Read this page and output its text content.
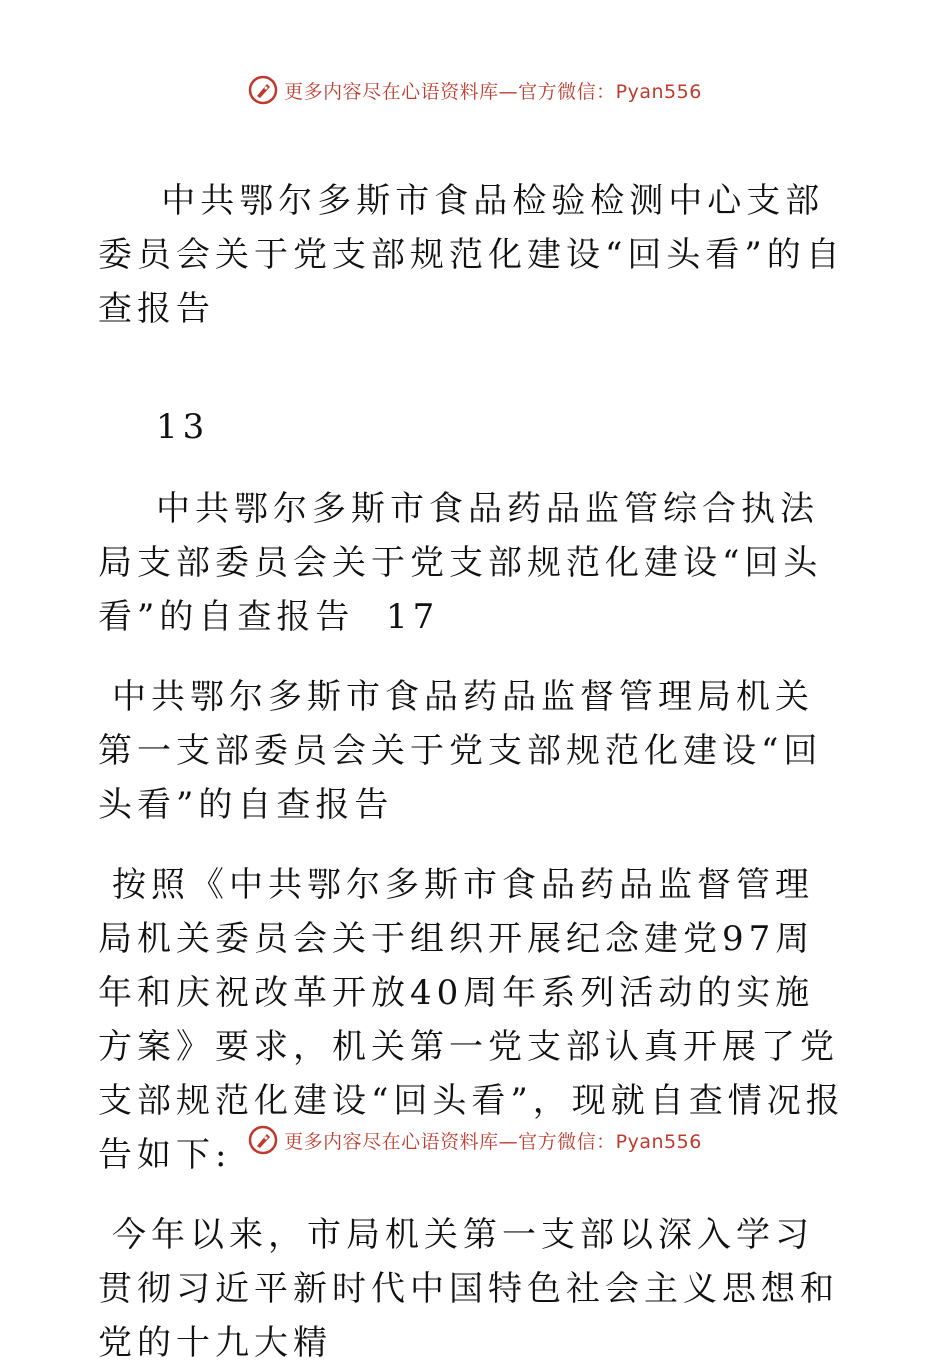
更多内容尽在心语资料库—官方微信：Pyan556

中共鄂尔多斯市食品检验检测中心支部委员会关于党支部规范化建设“回头看”的自查报告

13

中共鄂尔多斯市食品药品监管综合执法局支部委员会关于党支部规范化建设“回头看”的自查报告 17

中共鄂尔多斯市食品药品监督管理局机关第一支部委员会关于党支部规范化建设“回头看”的自查报告

按照《中共鄂尔多斯市食品药品监督管理局机关委员会关于组织开展纪念建党97周年和庆祝改革开放40周年系列活动的实施方案》要求，机关第一党支部认真开展了党支部规范化建设“回头看”，现就自查情况报告如下:

今年以来，市局机关第一支部以深入学习贯彻习近平新时代中国特色社会主义思想和党的十九大精

更多内容尽在心语资料库—官方微信：Pyan556
